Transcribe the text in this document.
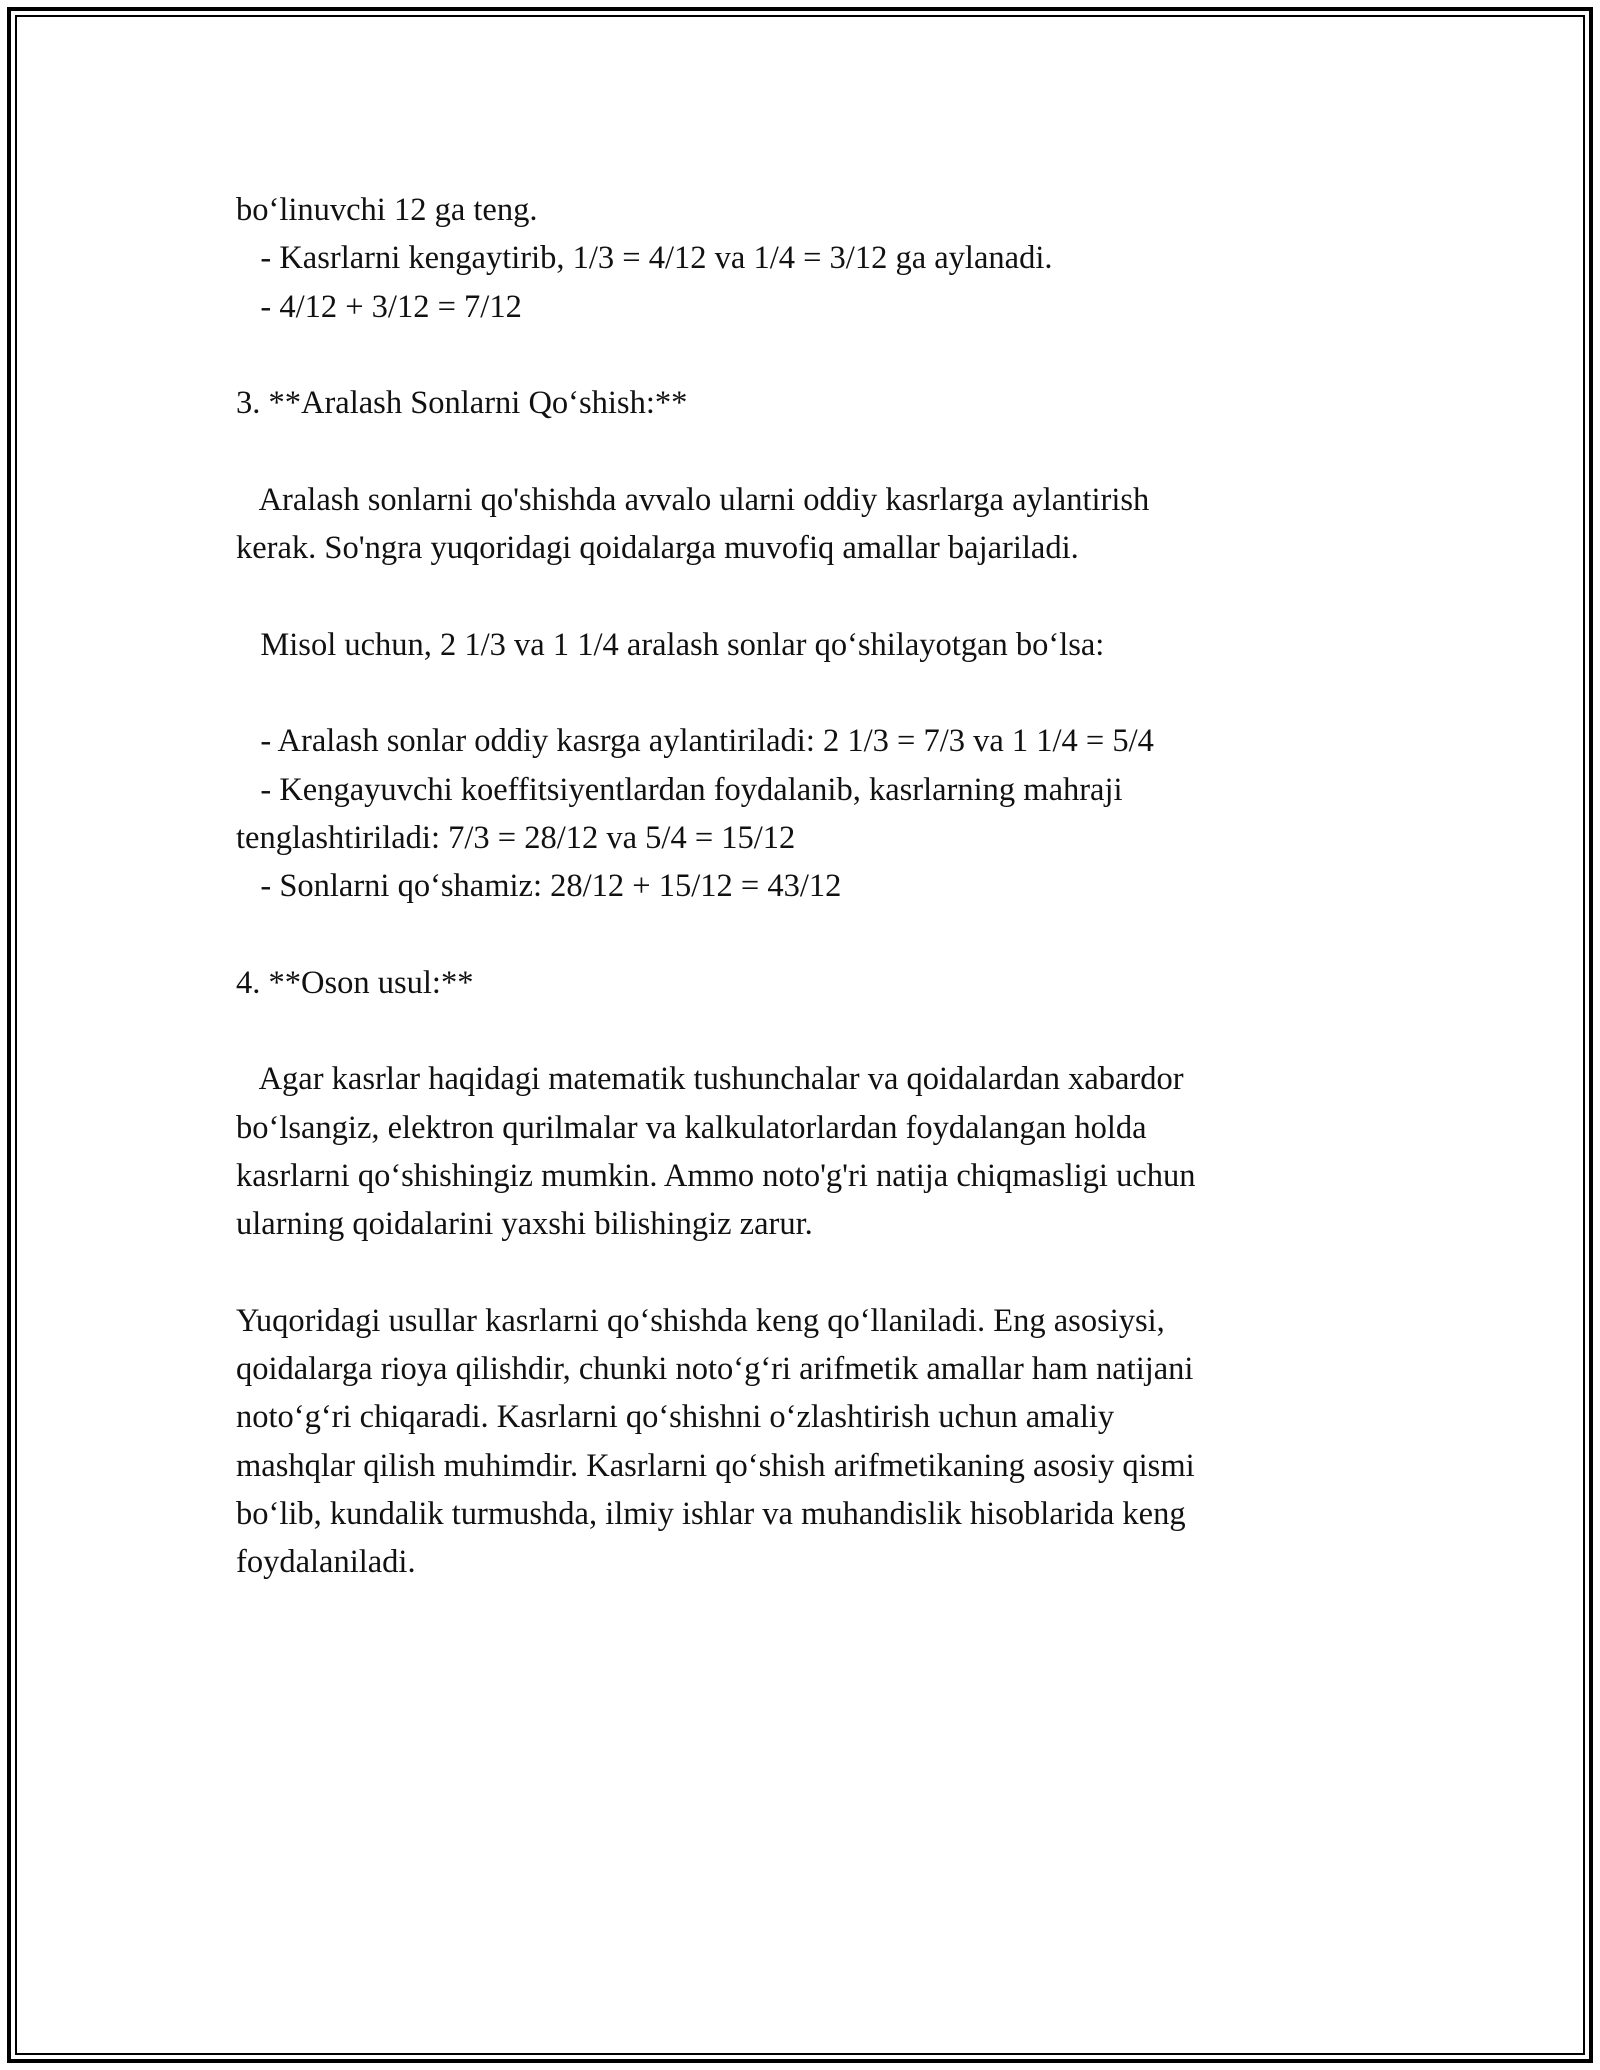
bo‘linuvchi 12 ga teng.
- Kasrlarni kengaytirib, 1/3 = 4/12 va 1/4 = 3/12 ga aylanadi.
- 4/12 + 3/12 = 7/12
3. **Aralash Sonlarni Qo‘shish:**
Aralash sonlarni qo'shishda avvalo ularni oddiy kasrlarga aylantirish
kerak. So'ngra yuqoridagi qoidalarga muvofiq amallar bajariladi.
Misol uchun, 2 1/3 va 1 1/4 aralash sonlar qo‘shilayotgan bo‘lsa:
- Aralash sonlar oddiy kasrga aylantiriladi: 2 1/3 = 7/3 va 1 1/4 = 5/4
- Kengayuvchi koeffitsiyentlardan foydalanib, kasrlarning mahraji
tenglashtiriladi: 7/3 = 28/12 va 5/4 = 15/12
- Sonlarni qo‘shamiz: 28/12 + 15/12 = 43/12
4. **Oson usul:**
Agar kasrlar haqidagi matematik tushunchalar va qoidalardan xabardor
bo‘lsangiz, elektron qurilmalar va kalkulatorlardan foydalangan holda
kasrlarni qo‘shishingiz mumkin. Ammo noto'g'ri natija chiqmasligi uchun
ularning qoidalarini yaxshi bilishingiz zarur.
Yuqoridagi usullar kasrlarni qo‘shishda keng qo‘llaniladi. Eng asosiysi,
qoidalarga rioya qilishdir, chunki noto‘g‘ri arifmetik amallar ham natijani
noto‘g‘ri chiqaradi. Kasrlarni qo‘shishni o‘zlashtirish uchun amaliy
mashqlar qilish muhimdir. Kasrlarni qo‘shish arifmetikaning asosiy qismi
bo‘lib, kundalik turmushda, ilmiy ishlar va muhandislik hisoblarida keng
foydalaniladi.
